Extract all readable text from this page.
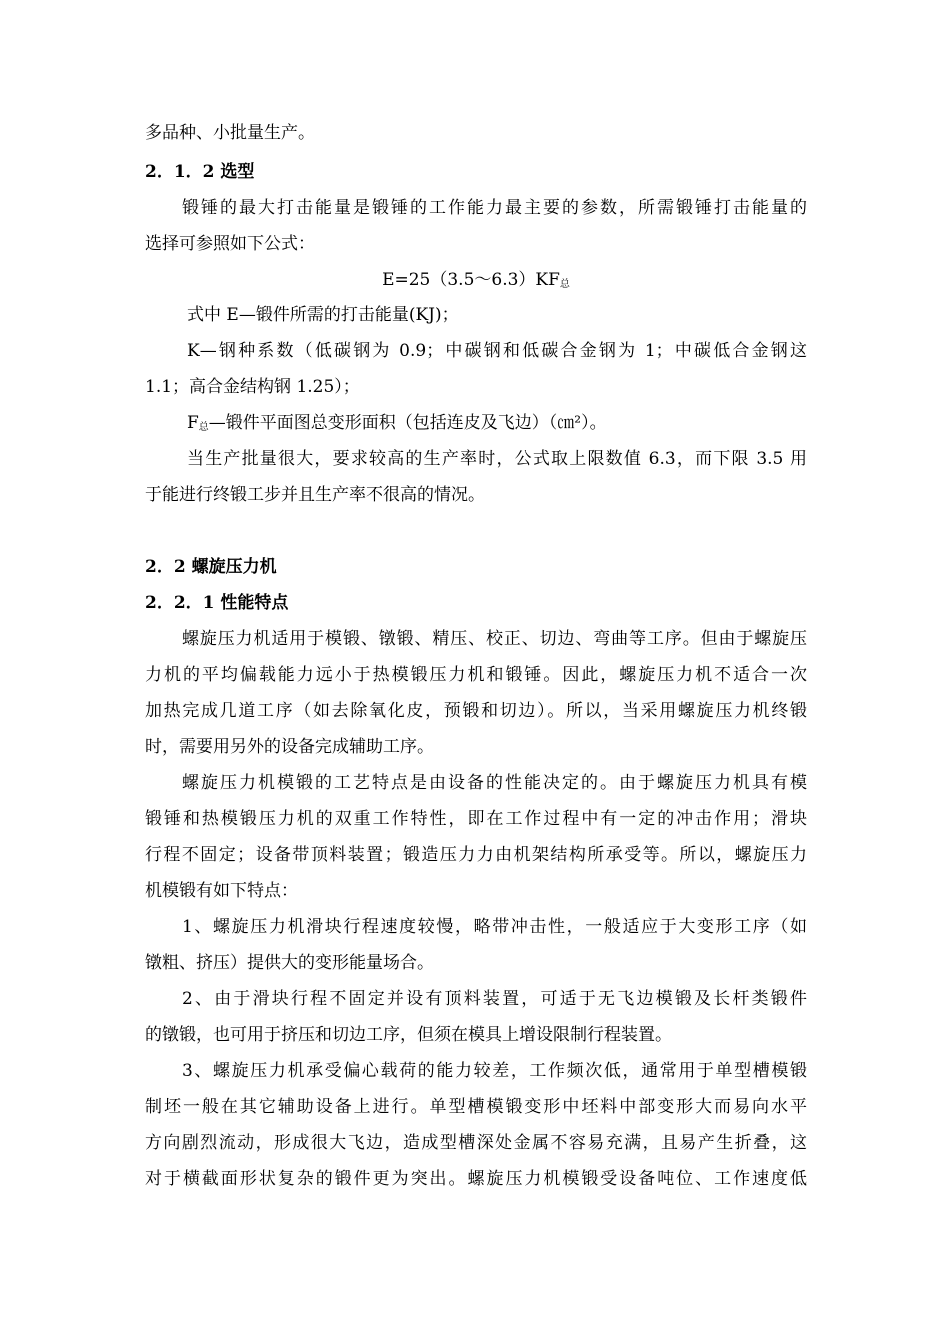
多品种、小批量生产。
2．1．2 选型
锻锤的最大打击能量是锻锤的工作能力最主要的参数，所需锻锤打击能量的
选择可参照如下公式：
$E=25(3.5\sim 6.3)KF_总$
式中 E—锻件所需的打击能量(KJ)；
K—钢种系数（低碳钢为 0.9；中碳钢和低碳合金钢为 1；中碳低合金钢这
1.1；高合金结构钢 1.25）；
$F_总—$锻件平面图总变形面积（包括连皮及飞边）（㎝²）。
当生产批量很大，要求较高的生产率时，公式取上限数值 6.3，而下限 3.5 用
于能进行终锻工步并且生产率不很高的情况。
2．2 螺旋压力机
2．2．1 性能特点
螺旋压力机适用于模锻、镦锻、精压、校正、切边、弯曲等工序。但由于螺旋压
力机的平均偏载能力远小于热模锻压力机和锻锤。因此，螺旋压力机不适合一次
加热完成几道工序（如去除氧化皮，预锻和切边）。所以，当采用螺旋压力机终锻
时，需要用另外的设备完成辅助工序。
螺旋压力机模锻的工艺特点是由设备的性能决定的。由于螺旋压力机具有模
锻锤和热模锻压力机的双重工作特性，即在工作过程中有一定的冲击作用；滑块
行程不固定；设备带顶料装置；锻造压力力由机架结构所承受等。所以，螺旋压力
机模锻有如下特点：
1、螺旋压力机滑块行程速度较慢，略带冲击性，一般适应于大变形工序（如
镦粗、挤压）提供大的变形能量场合。
2、由于滑块行程不固定并设有顶料装置，可适于无飞边模锻及长杆类锻件
的镦锻，也可用于挤压和切边工序，但须在模具上增设限制行程装置。
3、螺旋压力机承受偏心载荷的能力较差，工作频次低，通常用于单型槽模锻
制坯一般在其它辅助设备上进行。单型槽模锻变形中坯料中部变形大而易向水平
方向剧烈流动，形成很大飞边，造成型槽深处金属不容易充满，且易产生折叠，这
对于横截面形状复杂的锻件更为突出。螺旋压力机模锻受设备吨位、工作速度低
